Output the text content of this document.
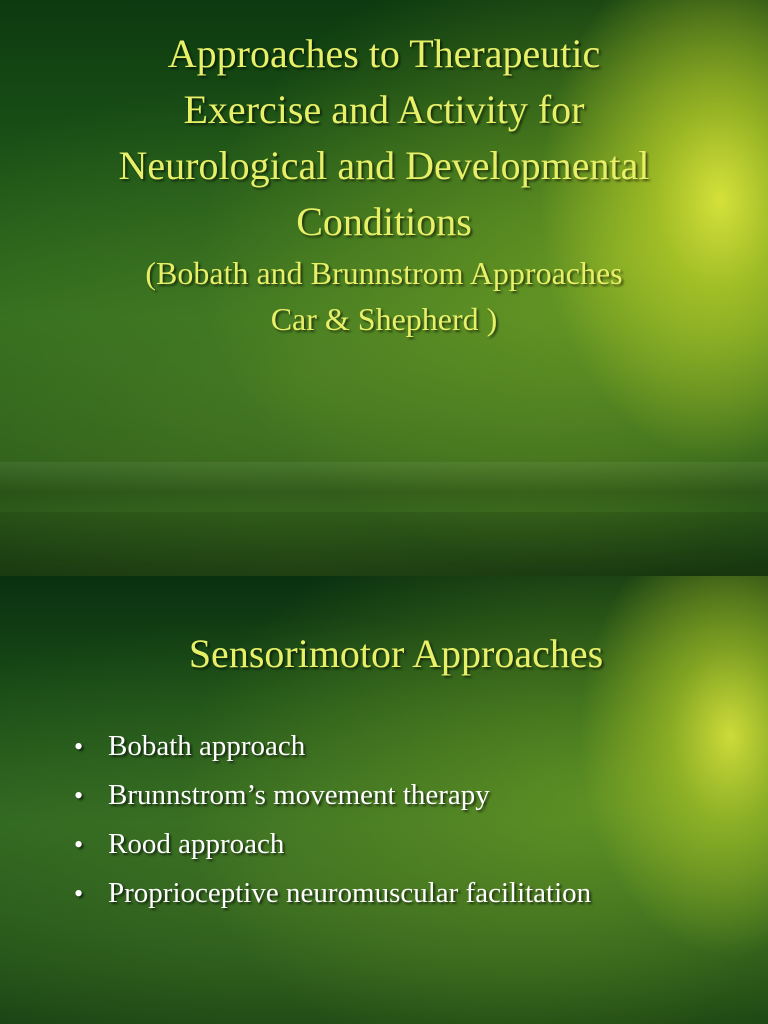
Approaches to Therapeutic
Exercise and Activity for
Neurological and Developmental
Conditions
(Bobath and Brunnstrom Approaches
Car & Shepherd )
Sensorimotor Approaches
• Bobath approach
• Brunnstrom’s movement therapy
• Rood approach
• Proprioceptive neuromuscular facilitation
